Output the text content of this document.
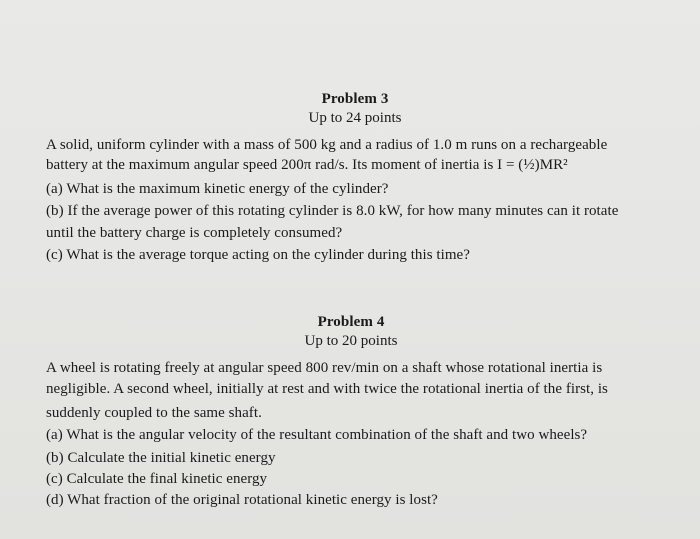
Problem 3
Up to 24 points
A solid, uniform cylinder with a mass of 500 kg and a radius of 1.0 m runs on a rechargeable
battery at the maximum angular speed 200π rad/s. Its moment of inertia is I = (½)MR²
(a) What is the maximum kinetic energy of the cylinder?
(b) If the average power of this rotating cylinder is 8.0 kW, for how many minutes can it rotate
until the battery charge is completely consumed?
(c) What is the average torque acting on the cylinder during this time?
Problem 4
Up to 20 points
A wheel is rotating freely at angular speed 800 rev/min on a shaft whose rotational inertia is
negligible. A second wheel, initially at rest and with twice the rotational inertia of the first, is
suddenly coupled to the same shaft.
(a) What is the angular velocity of the resultant combination of the shaft and two wheels?
(b) Calculate the initial kinetic energy
(c) Calculate the final kinetic energy
(d) What fraction of the original rotational kinetic energy is lost?
